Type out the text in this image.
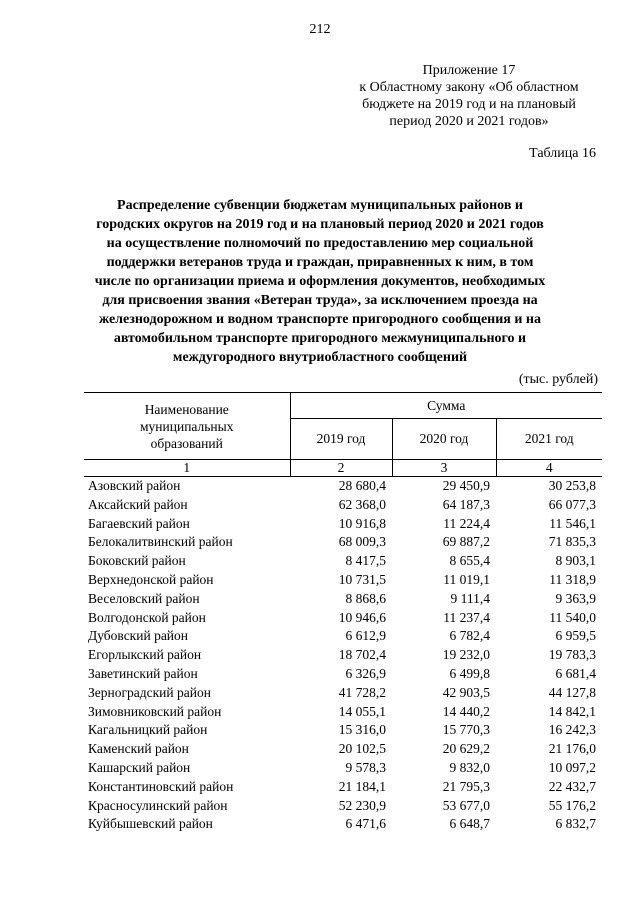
212
Приложение 17
к Областному закону «Об областном
бюджете на 2019 год и на плановый
период 2020 и 2021 годов»
Таблица 16
Распределение субвенции бюджетам муниципальных районов и
городских округов на 2019 год и на плановый период 2020 и 2021 годов
на осуществление полномочий по предоставлению мер социальной
поддержки ветеранов труда и граждан, приравненных к ним, в том
числе по организации приема и оформления документов, необходимых
для присвоения звания «Ветеран труда», за исключением проезда на
железнодорожном и водном транспорте пригородного сообщения и на
автомобильном транспорте пригородного межмуниципального и
междугородного внутриобластного сообщений
(тыс. рублей)
Наименование
муниципальных
образований	Сумма		
	2019 год	2020 год	2021 год
1	2	3	4
Азовский район	28 680,4	29 450,9	30 253,8
Аксайский район	62 368,0	64 187,3	66 077,3
Багаевский район	10 916,8	11 224,4	11 546,1
Белокалитвинский район	68 009,3	69 887,2	71 835,3
Боковский район	8 417,5	8 655,4	8 903,1
Верхнедонской район	10 731,5	11 019,1	11 318,9
Веселовский район	8 868,6	9 111,4	9 363,9
Волгодонской район	10 946,6	11 237,4	11 540,0
Дубовский район	6 612,9	6 782,4	6 959,5
Егорлыкский район	18 702,4	19 232,0	19 783,3
Заветинский район	6 326,9	6 499,8	6 681,4
Зерноградский район	41 728,2	42 903,5	44 127,8
Зимовниковский район	14 055,1	14 440,2	14 842,1
Кагальницкий район	15 316,0	15 770,3	16 242,3
Каменский район	20 102,5	20 629,2	21 176,0
Кашарский район	9 578,3	9 832,0	10 097,2
Константиновский район	21 184,1	21 795,3	22 432,7
Красносулинский район	52 230,9	53 677,0	55 176,2
Куйбышевский район	6 471,6	6 648,7	6 832,7
